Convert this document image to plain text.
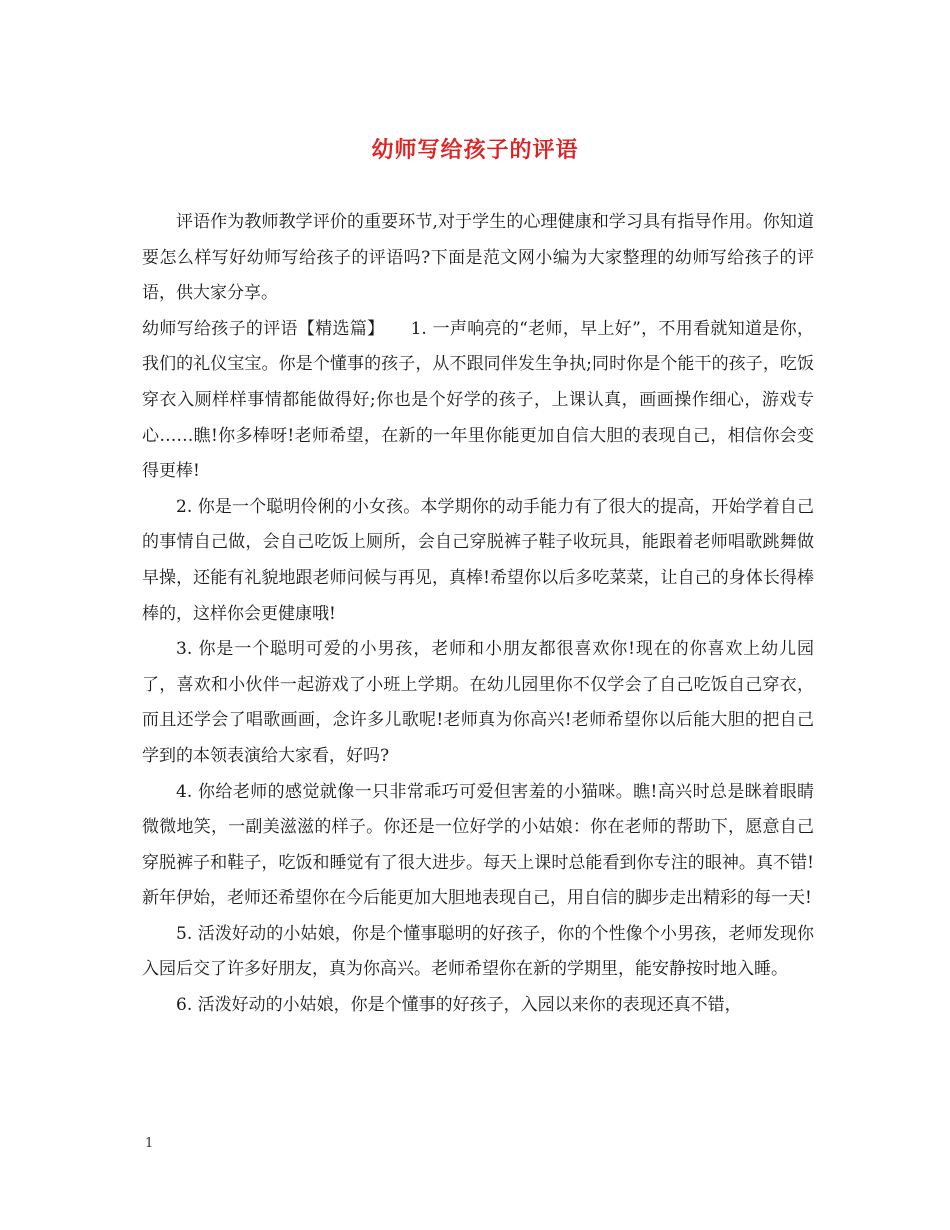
幼师写给孩子的评语

评语作为教师教学评价的重要环节,对于学生的心理健康和学习具有指导作用。你知道要怎么样写好幼师写给孩子的评语吗?下面是范文网小编为大家整理的幼师写给孩子的评语，供大家分享。

幼师写给孩子的评语【精选篇】　　1. 一声响亮的“老师，早上好”，不用看就知道是你，我们的礼仪宝宝。你是个懂事的孩子，从不跟同伴发生争执;同时你是个能干的孩子，吃饭穿衣入厕样样事情都能做得好;你也是个好学的孩子，上课认真，画画操作细心，游戏专心……瞧!你多棒呀!老师希望，在新的一年里你能更加自信大胆的表现自己，相信你会变得更棒!

2. 你是一个聪明伶俐的小女孩。本学期你的动手能力有了很大的提高，开始学着自己的事情自己做，会自己吃饭上厕所，会自己穿脱裤子鞋子收玩具，能跟着老师唱歌跳舞做早操，还能有礼貌地跟老师问候与再见，真棒!希望你以后多吃菜菜，让自己的身体长得棒棒的，这样你会更健康哦!

3. 你是一个聪明可爱的小男孩，老师和小朋友都很喜欢你!现在的你喜欢上幼儿园了，喜欢和小伙伴一起游戏了小班上学期。在幼儿园里你不仅学会了自己吃饭自己穿衣，而且还学会了唱歌画画，念许多儿歌呢!老师真为你高兴!老师希望你以后能大胆的把自己学到的本领表演给大家看，好吗?

4. 你给老师的感觉就像一只非常乖巧可爱但害羞的小猫咪。瞧!高兴时总是眯着眼睛微微地笑，一副美滋滋的样子。你还是一位好学的小姑娘：你在老师的帮助下，愿意自己穿脱裤子和鞋子，吃饭和睡觉有了很大进步。每天上课时总能看到你专注的眼神。真不错!新年伊始，老师还希望你在今后能更加大胆地表现自己，用自信的脚步走出精彩的每一天!

5. 活泼好动的小姑娘，你是个懂事聪明的好孩子，你的个性像个小男孩，老师发现你入园后交了许多好朋友，真为你高兴。老师希望你在新的学期里，能安静按时地入睡。

6. 活泼好动的小姑娘，你是个懂事的好孩子，入园以来你的表现还真不错，

1
